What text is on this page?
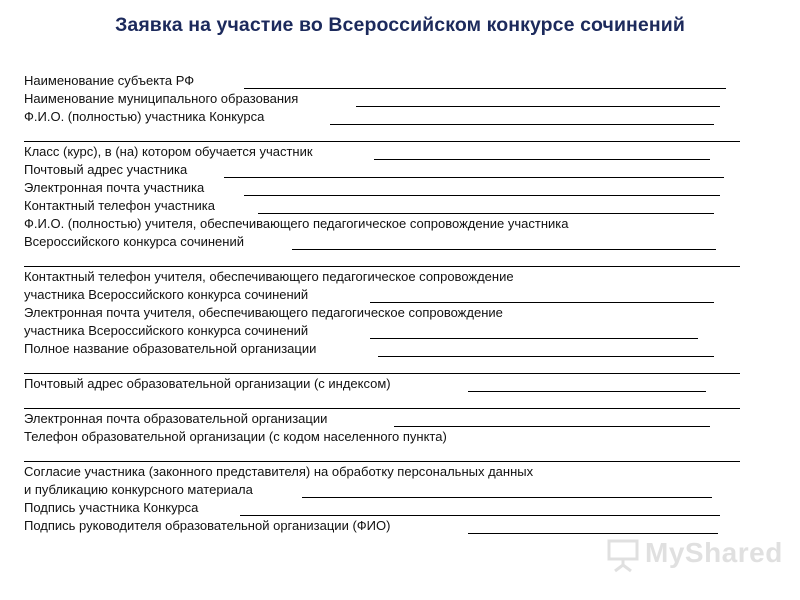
Заявка на участие во Всероссийском конкурсе сочинений
Наименование субъекта РФ
Наименование муниципального образования
Ф.И.О. (полностью) участника Конкурса
Класс (курс), в (на) котором обучается участник
Почтовый адрес участника
Электронная почта участника
Контактный телефон участника
Ф.И.О. (полностью) учителя, обеспечивающего педагогическое сопровождение участника
Всероссийского конкурса сочинений
Контактный телефон учителя, обеспечивающего педагогическое сопровождение
участника Всероссийского конкурса сочинений
Электронная почта учителя, обеспечивающего педагогическое сопровождение
участника Всероссийского конкурса сочинений
Полное название образовательной организации
Почтовый адрес образовательной организации (с индексом)
Электронная почта образовательной организации
Телефон образовательной организации (с кодом населенного пункта)
Согласие участника (законного представителя) на обработку персональных данных
и публикацию конкурсного материала
Подпись участника Конкурса
Подпись руководителя образовательной организации (ФИО)
MyShared
